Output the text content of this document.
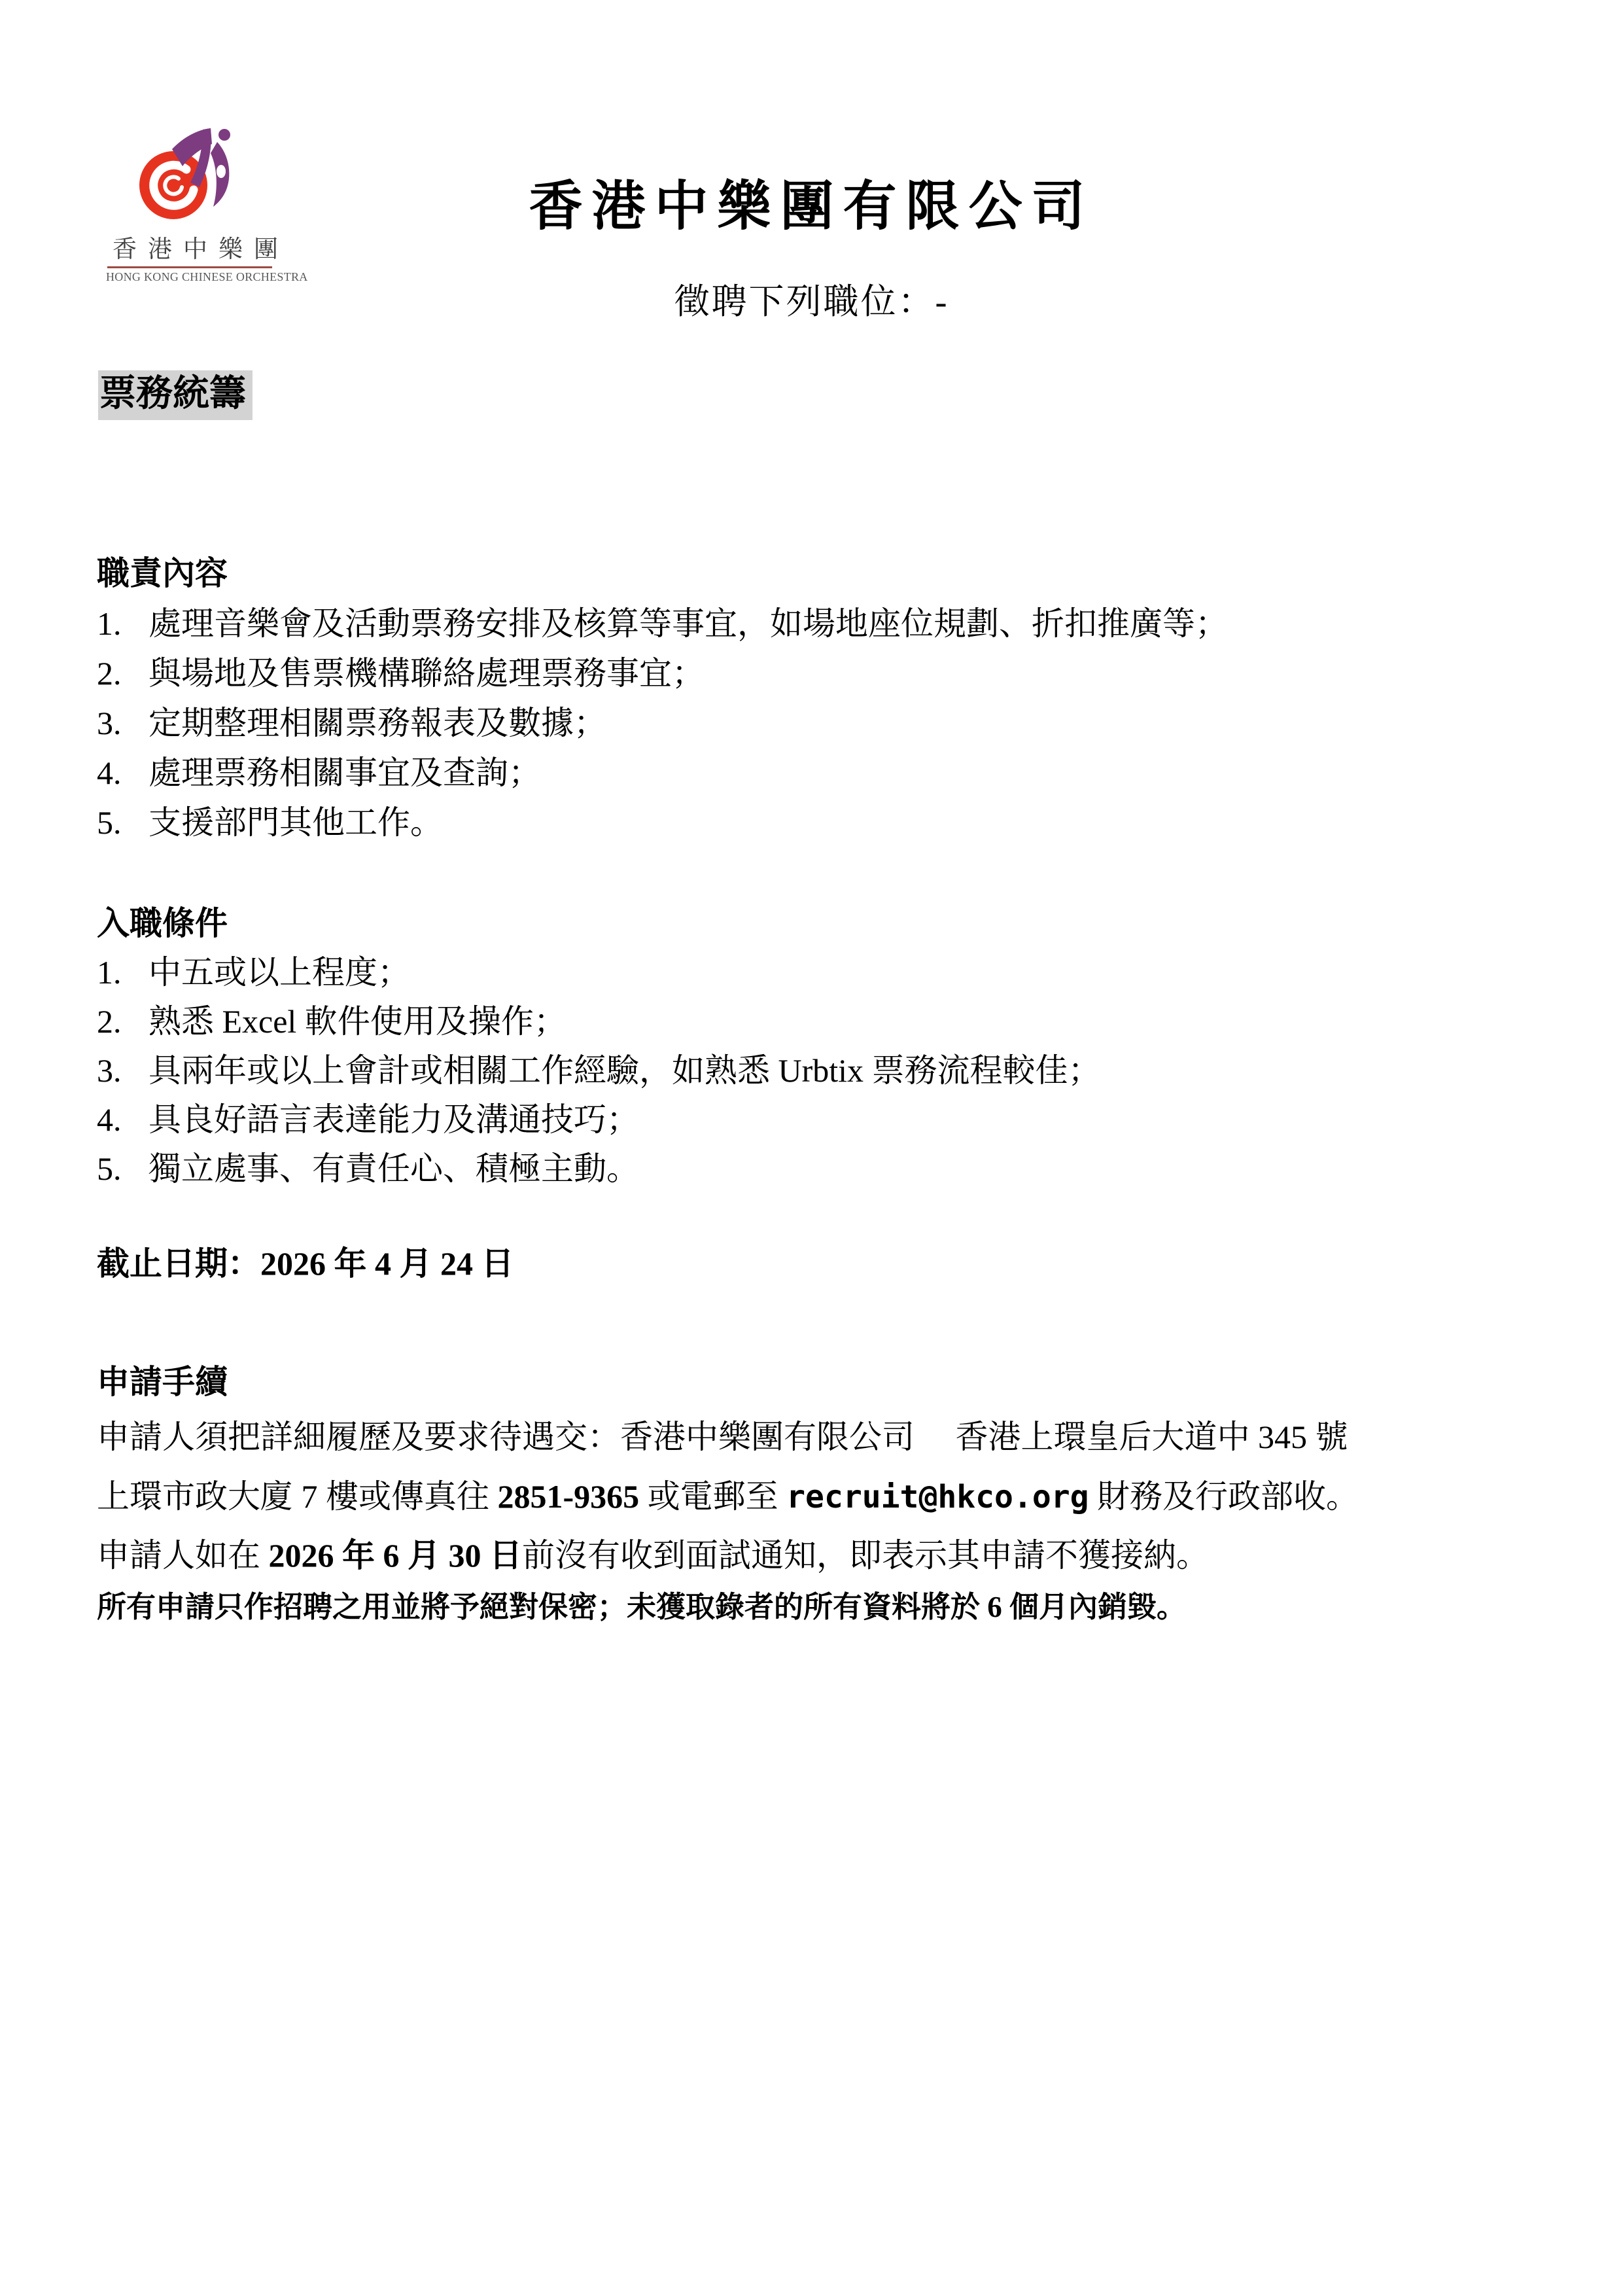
香港中樂團
HONG KONG CHINESE ORCHESTRA
香港中樂團有限公司
徵聘下列職位：-
票務統籌
職責內容
1. 處理音樂會及活動票務安排及核算等事宜，如場地座位規劃、折扣推廣等；
2. 與場地及售票機構聯絡處理票務事宜；
3. 定期整理相關票務報表及數據；
4. 處理票務相關事宜及查詢；
5. 支援部門其他工作。
入職條件
1. 中五或以上程度；
2. 熟悉 Excel 軟件使用及操作；
3. 具兩年或以上會計或相關工作經驗，如熟悉 Urbtix 票務流程較佳；
4. 具良好語言表達能力及溝通技巧；
5. 獨立處事、有責任心、積極主動。
截止日期：2026 年 4 月 24 日
申請手續
申請人須把詳細履歷及要求待遇交：香港中樂團有限公司　 香港上環皇后大道中 345 號
上環市政大廈 7 樓或傳真往 2851-9365 或電郵至 recruit@hkco.org 財務及行政部收。
申請人如在 2026 年 6 月 30 日前沒有收到面試通知，即表示其申請不獲接納。
所有申請只作招聘之用並將予絕對保密；未獲取錄者的所有資料將於 6 個月內銷毀。
